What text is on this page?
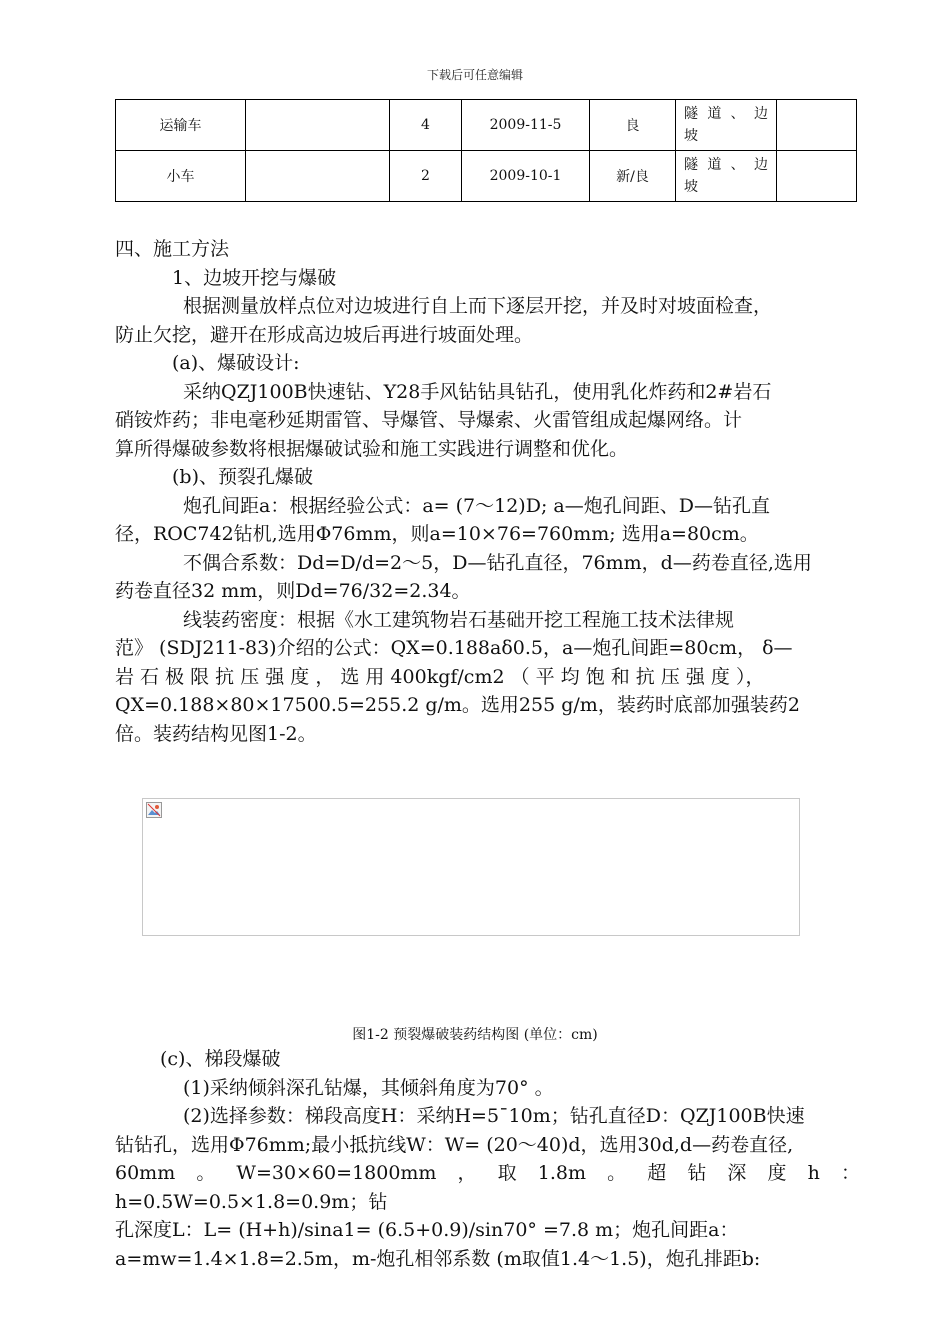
下载后可任意编辑
运输车		4	2009-11-5	良	隧 道 、 边
坡	

小车		2	2009-10-1	新/良	隧 道 、 边
坡	

四、施工方法

1、边坡开挖与爆破

根据测量放样点位对边坡进行自上而下逐层开挖，并及时对坡面检查，

防止欠挖，避开在形成高边坡后再进行坡面处理。

(a)、爆破设计:

采纳QZJ100B快速钻、Y28手风钻钻具钻孔，使用乳化炸药和2#岩石

硝铵炸药；非电毫秒延期雷管、导爆管、导爆索、火雷管组成起爆网络。计

算所得爆破参数将根据爆破试验和施工实践进行调整和优化。

(b)、预裂孔爆破

炮孔间距a：根据经验公式：a= (7～12)D; a—炮孔间距、D—钻孔直

径，ROC742钻机,选用Φ76mm，则a=10×76=760mm; 选用a=80cm。

不偶合系数：Dd=D/d=2～5，D—钻孔直径，76mm，d—药卷直径,选用

药卷直径32 mm，则Dd=76/32=2.34。

线装药密度：根据《水工建筑物岩石基础开挖工程施工技术法律规

范》 (SDJ211-83)介绍的公式：QX=0.188aδ0.5，a—炮孔间距=80cm， δ—

岩 石 极 限 抗 压 强 度 ， 选 用 400kgf/cm2 （ 平 均 饱 和 抗 压 强 度 ），

QX=0.188×80×17500.5=255.2 g/m。选用255 g/m，装药时底部加强装药2

倍。装药结构见图1-2。

图1-2 预裂爆破装药结构图 (单位：cm)

(c)、梯段爆破

(1)采纳倾斜深孔钻爆，其倾斜角度为70° 。

(2)选择参数：梯段高度H：采纳H=5¯10m；钻孔直径D：QZJ100B快速

钻钻孔，选用Φ76mm;最小抵抗线W：W= (20～40)d，选用30d,d—药卷直径,

60mm。W=30×60=1800mm，取1.8m。超钻深度h：h=0.5W=0.5×1.8=0.9m；钻

孔深度L：L= (H+h)/sina1= (6.5+0.9)/sin70° =7.8 m；炮孔间距a：

a=mw=1.4×1.8=2.5m，m-炮孔相邻系数 (m取值1.4～1.5)，炮孔排距b:
